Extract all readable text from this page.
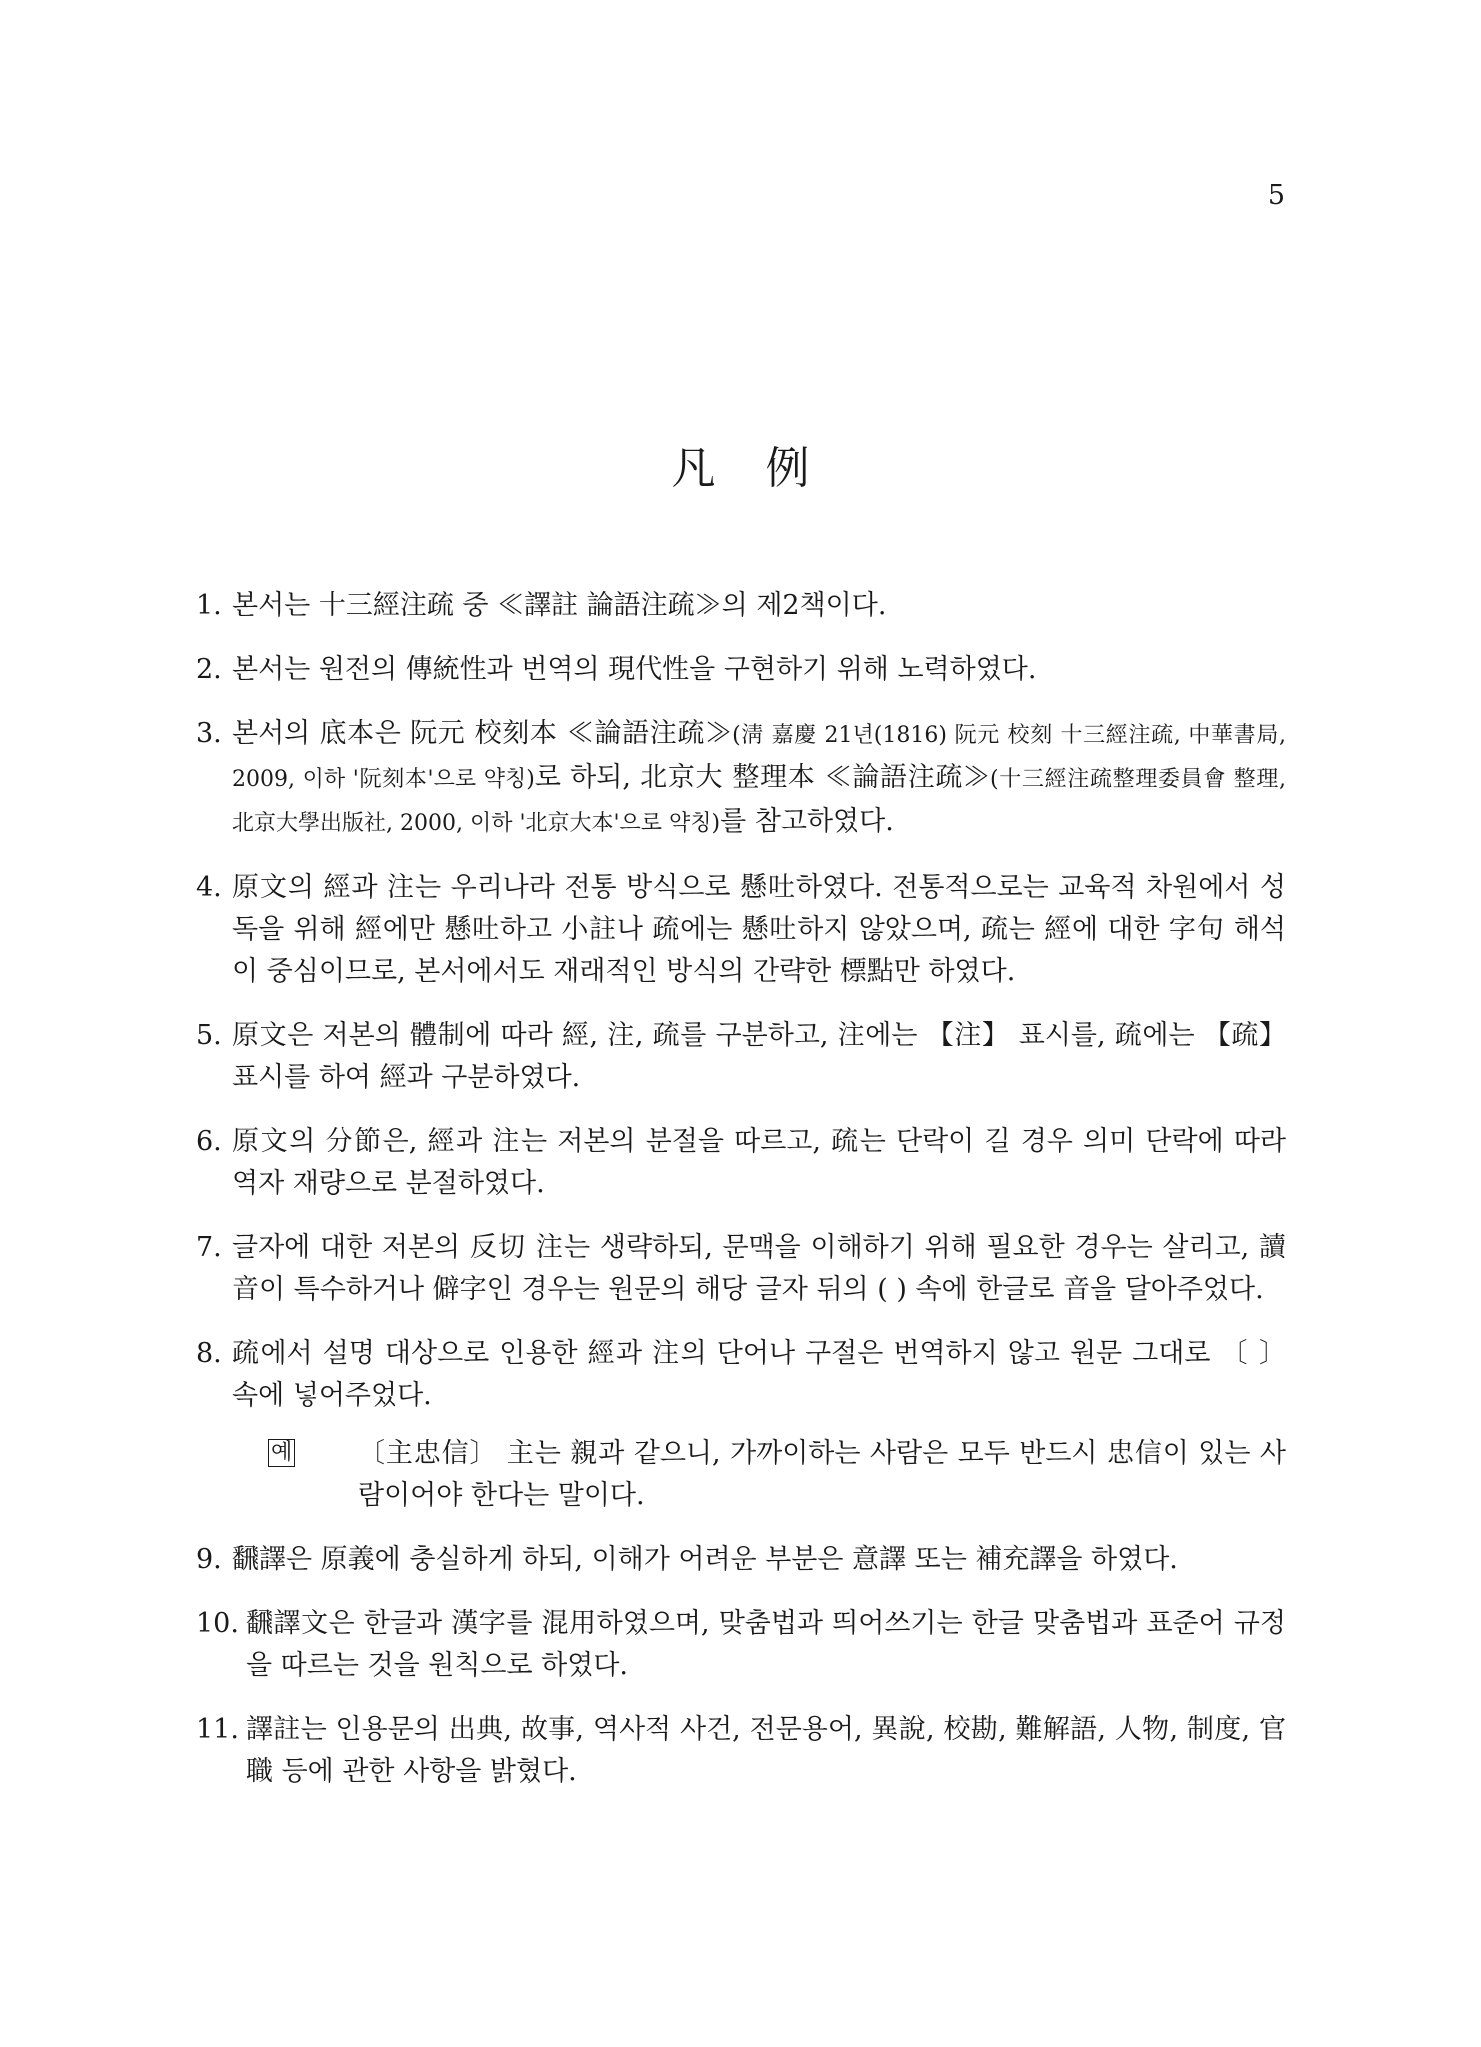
5
凡 例
1. 본서는 十三經注疏 중 ≪譯註 論語注疏≫의 제2책이다.
2. 본서는 원전의 傳統性과 번역의 現代性을 구현하기 위해 노력하였다.
3. 본서의 底本은 阮元 校刻本 ≪論語注疏≫(淸 嘉慶 21년(1816) 阮元 校刻 十三經注疏, 中華書局, 2009, 이하 '阮刻本'으로 약칭)로 하되, 北京大 整理本 ≪論語注疏≫(十三經注疏整理委員會 整理, 北京大學出版社, 2000, 이하 '北京大本'으로 약칭)를 참고하였다.
4. 原文의 經과 注는 우리나라 전통 방식으로 懸吐하였다. 전통적으로는 교육적 차원에서 성독을 위해 經에만 懸吐하고 小註나 疏에는 懸吐하지 않았으며, 疏는 經에 대한 字句 해석이 중심이므로, 본서에서도 재래적인 방식의 간략한 標點만 하였다.
5. 原文은 저본의 體制에 따라 經, 注, 疏를 구분하고, 注에는 【注】 표시를, 疏에는 【疏】 표시를 하여 經과 구분하였다.
6. 原文의 分節은, 經과 注는 저본의 분절을 따르고, 疏는 단락이 길 경우 의미 단락에 따라 역자 재량으로 분절하였다.
7. 글자에 대한 저본의 反切 注는 생략하되, 문맥을 이해하기 위해 필요한 경우는 살리고, 讀音이 특수하거나 僻字인 경우는 원문의 해당 글자 뒤의 ( ) 속에 한글로 音을 달아주었다.
8. 疏에서 설명 대상으로 인용한 經과 注의 단어나 구절은 번역하지 않고 원문 그대로 〔 〕 속에 넣어주었다.
예 〔主忠信〕 主는 親과 같으니, 가까이하는 사람은 모두 반드시 忠信이 있는 사람이어야 한다는 말이다.
9. 飜譯은 原義에 충실하게 하되, 이해가 어려운 부분은 意譯 또는 補充譯을 하였다.
10. 飜譯文은 한글과 漢字를 混用하였으며, 맞춤법과 띄어쓰기는 한글 맞춤법과 표준어 규정을 따르는 것을 원칙으로 하였다.
11. 譯註는 인용문의 出典, 故事, 역사적 사건, 전문용어, 異說, 校勘, 難解語, 人物, 制度, 官職 등에 관한 사항을 밝혔다.
